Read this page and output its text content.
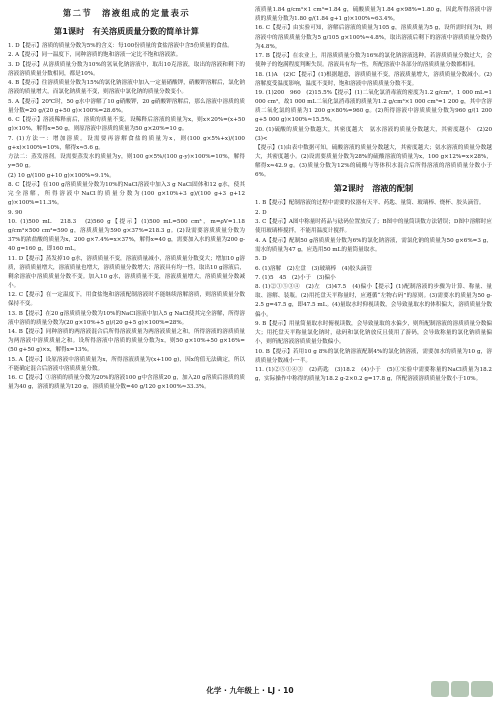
第二节　溶液组成的定量表示
第1课时　有关溶质质量分数的简单计算

1. D【提示】溶质的质量分数为5%的含义：每100份质量的食盐溶液中含5份质量的食盐。

2. A【提示】同一温度下，同种溶质的饱和溶液一定比不饱和溶液浓。

3. D【提示】从溶质质量分数为10%的氢氧化钠溶液中，取出10克溶液，取出的溶液和剩下的溶液溶质质量分数相同，都是10%。

4. B【提示】往溶质质量分数为15%的氯化钠溶液中加入一定量硝酸钾，硝酸钾溶解后，氯化钠溶液的质量增大，而氯化钠质量不变，则溶液中氯化钠的质量分数变小。

5. A【提示】20℃时，50 g水中溶解了10 g硝酸钾，20 g硝酸钾溶解后，那么溶液中溶质的质量分数=20 g/(20 g+50 g)×100%=28.6%。

6. C【提示】溶液稀释前后，溶质的质量不变。设稀释后溶液的质量为x，则x×20%=(x+50 g)×10%，解得x=50 g，则原溶液中溶质的质量为50 g×20%=10 g。

7. (1)方法一：增加溶质。设需要再溶解食盐的质量为x，则(100 g×5%+x)/(100 g+x)×100%=10%，解得x≈5.6 g。

方法二：蒸发溶剂。设需要蒸发水的质量为y，则100 g×5%/(100 g-y)×100%=10%，解得y=50 g。

(2) 10 g/(100 g+10 g)×100%≈9.1%。

8. C【提示】在100 g溶质质量分数为10%的NaCl溶液中加入3 g NaCl固体和12 g水，使其完全溶解，所得溶液中NaCl的质量分数为(100 g×10%+3 g)/(100 g+3 g+12 g)×100%=11.3%。

9. 90

10. (1)500 mL　218.3　(2)560 g【提示】(1)500 mL=500 cm³，m=ρV=1.18 g/cm³×500 cm³=590 g，溶质质量为590 g×37%=218.3 g。(2)设需要溶质质量分数为37%的浓盐酸的质量为x，200 g×7.4%=x×37%，解得x=40 g，需要加入水的质量为200 g-40 g=160 g，即160 mL。

11. D【提示】蒸发掉10 g水，溶质质量不变，溶液质量减小，溶质质量分数变大；增加10 g溶质，溶质质量增大，溶液质量也增大，溶质质量分数增大；溶液具有均一性，取出10 g溶液后，剩余溶液中溶质质量分数不变。加入10 g水，溶质质量不变，溶液质量增大，溶质质量分数减小。

12. C【提示】在一定温度下，用食盐饱和溶液配制溶液时不能继续溶解溶质，则溶质质量分数保持不变。

13. B【提示】在20 g溶质质量分数为10%的NaCl溶液中加入5 g NaCl使其完全溶解，所得溶液中溶质的质量分数为(20 g×10%+5 g)/(20 g+5 g)×100%=28%。

14. B【提示】同种溶质的两溶液混合后所得溶液质量为两溶液质量之和，所得溶液的溶质质量为两溶液中溶质质量之和。设所得溶液中溶质的质量分数为x，则50 g×10%+50 g×16%=(50 g+50 g)×x，解得x=13%。

15. A【提示】设原溶液中溶质质量为x，所得溶液质量为(x+100 g)，因x的值无法确定，所以不能确定混合后溶液中溶质质量分数。

16. C【提示】①溶质的质量分数为20%的溶液100 g中含溶质20 g，加入20 g溶质后溶质的质量为40 g，溶液的质量为120 g，溶质质量分数=40 g/120 g×100%≈33.3%。

液质量1.84 g/cm³×1 cm³=1.84 g，硫酸质量为1.84 g×98%=1.80 g，因此所得溶液中溶质的质量分数为1.80 g/(1.84 g+1 g)×100%≈63.4%。

16. C【提示】由实验可知，溶解后溶液的质量为105 g，溶质质量为5 g，设所需时间为t，则溶液中的溶质质量分数为5 g/105 g×100%≈4.8%，取出溶液后剩下的溶液中溶质质量分数仍为4.8%。

17. B【提示】在农业上，用溶质质量分数为16%的氯化钠溶液选种，若溶质质量分数过大，会使种子的饱满程度判断失误。溶液具有均一性，所配溶液中各部分的溶质质量分数都相同。

18. (1)A　(2)C【提示】(1)根据题意，溶质质量不变，溶液质量增大，溶质质量分数减小。(2)溶解度受温度影响，温度不变时，饱和溶液中溶质质量分数不变。

19. (1)200　960　(2)15.5%【提示】(1)二氧化氯消毒液的密度为1.2 g/cm³，1 000 mL=1 000 cm³，故1 000 mL二氧化氯消毒液的质量为1.2 g/cm³×1 000 cm³=1 200 g，其中含溶质二氧化氯的质量为1 200 g×80%=960 g。(2)所得溶液中溶质质量分数为960 g/(1 200 g+5 000 g)×100%≈15.5%。

20. (1)硫酸的质量分数越大，其密度越大　氨水溶液的质量分数越大，其密度越小　(2)20　(3)<

【提示】(1)由表中数据可知，硫酸溶液的质量分数越大，其密度越大；氨水溶液的质量分数越大，其密度越小。(2)设需要质量分数为28%的硫酸溶液的质量为x，100 g×12%=x×28%，解得x≈42.9 g。(3)质量分数为12%的硫酸与等体积水混合后所得溶液的溶质质量分数小于6%。

第2课时　溶液的配制

1. B【提示】配制溶液的过程中需要的仪器有天平、药匙、量筒、玻璃棒、烧杯、胶头滴管。

2. D

3. C【提示】A图中称量时药品与砝码位置放反了；B图中的量筒读数方法错误；D图中溶解时应使用玻璃棒搅拌，不能用温度计搅拌。

4. A【提示】配制50 g溶质质量分数为6%的氯化钠溶液，需氯化钠的质量为50 g×6%=3 g，需水的质量为47 g，应选用50 mL的量筒量取水。

5. D

6. (1)溶解　(2)左盘　(3)玻璃棒　(4)胶头滴管

7. (1)5　45　(2)小于　(3)偏小

8. (1)②①⑤③④　(2)左　(3)47.5　(4)偏小【提示】(1)配制溶液的步骤为计算、称量、量取、溶解、装瓶。(2)用托盘天平称量时，应遵循“左物右码”的原则。(3)需要水的质量为50 g-2.5 g=47.5 g，即47.5 mL。(4)量取水时仰视读数，会导致量取水的体积偏大，溶质质量分数偏小。

9. B【提示】用量筒量取水时俯视读数，会导致量取的水偏少，则所配制溶液的溶质质量分数偏大；用托盘天平称量氯化钠时，砝码和氯化钠放反且使用了游码，会导致称量的氯化钠质量偏小，则所配溶液溶质质量分数偏小。

10. B【提示】若用10 g 8%的氯化钠溶液配制4%的氯化钠溶液，需要加水的质量为10 g，溶质质量分数减小一半。

11. (1)②⑤①④③　(2)药匙　(3)18.2　(4)小于　(5)①实验中需要称量的NaCl质量为18.2 g，实际操作中称得的质量为18.2 g-2×0.2 g=17.8 g，所配溶液溶质质量分数小于10%。

化学 · 九年级上 · LJ · 10
